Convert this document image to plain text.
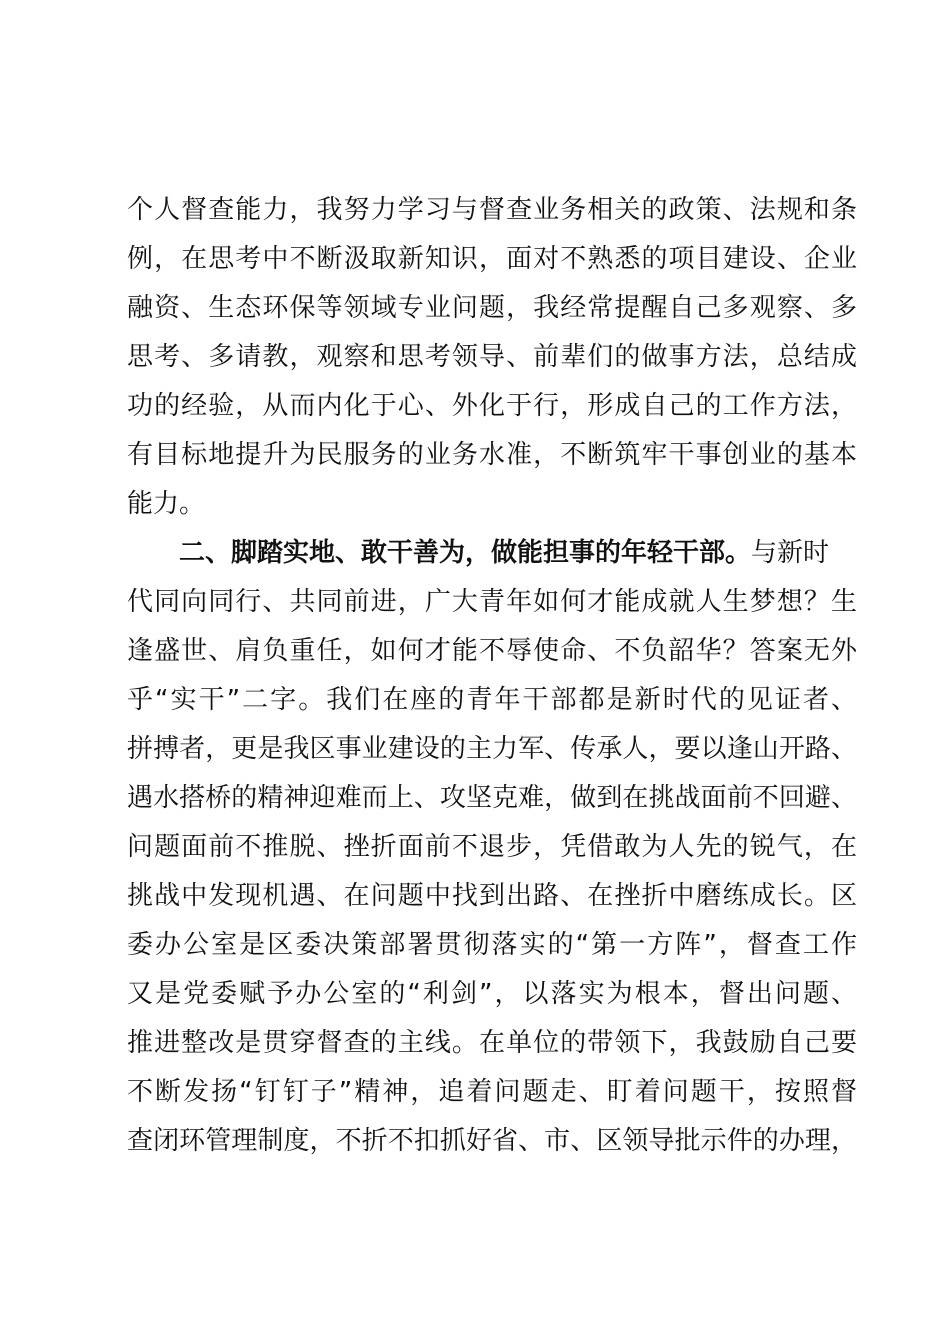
个人督查能力，我努力学习与督查业务相关的政策、法规和条
例，在思考中不断汲取新知识，面对不熟悉的项目建设、企业
融资、生态环保等领域专业问题，我经常提醒自己多观察、多
思考、多请教，观察和思考领导、前辈们的做事方法，总结成
功的经验，从而内化于心、外化于行，形成自己的工作方法，
有目标地提升为民服务的业务水准，不断筑牢干事创业的基本
能力。
二、脚踏实地、敢干善为，做能担事的年轻干部。与新时
代同向同行、共同前进，广大青年如何才能成就人生梦想？生
逢盛世、肩负重任，如何才能不辱使命、不负韶华？答案无外
乎“实干”二字。我们在座的青年干部都是新时代的见证者、
拼搏者，更是我区事业建设的主力军、传承人，要以逢山开路、
遇水搭桥的精神迎难而上、攻坚克难，做到在挑战面前不回避、
问题面前不推脱、挫折面前不退步，凭借敢为人先的锐气，在
挑战中发现机遇、在问题中找到出路、在挫折中磨练成长。区
委办公室是区委决策部署贯彻落实的“第一方阵”，督查工作
又是党委赋予办公室的“利剑”，以落实为根本，督出问题、
推进整改是贯穿督查的主线。在单位的带领下，我鼓励自己要
不断发扬“钉钉子”精神，追着问题走、盯着问题干，按照督
查闭环管理制度，不折不扣抓好省、市、区领导批示件的办理，
